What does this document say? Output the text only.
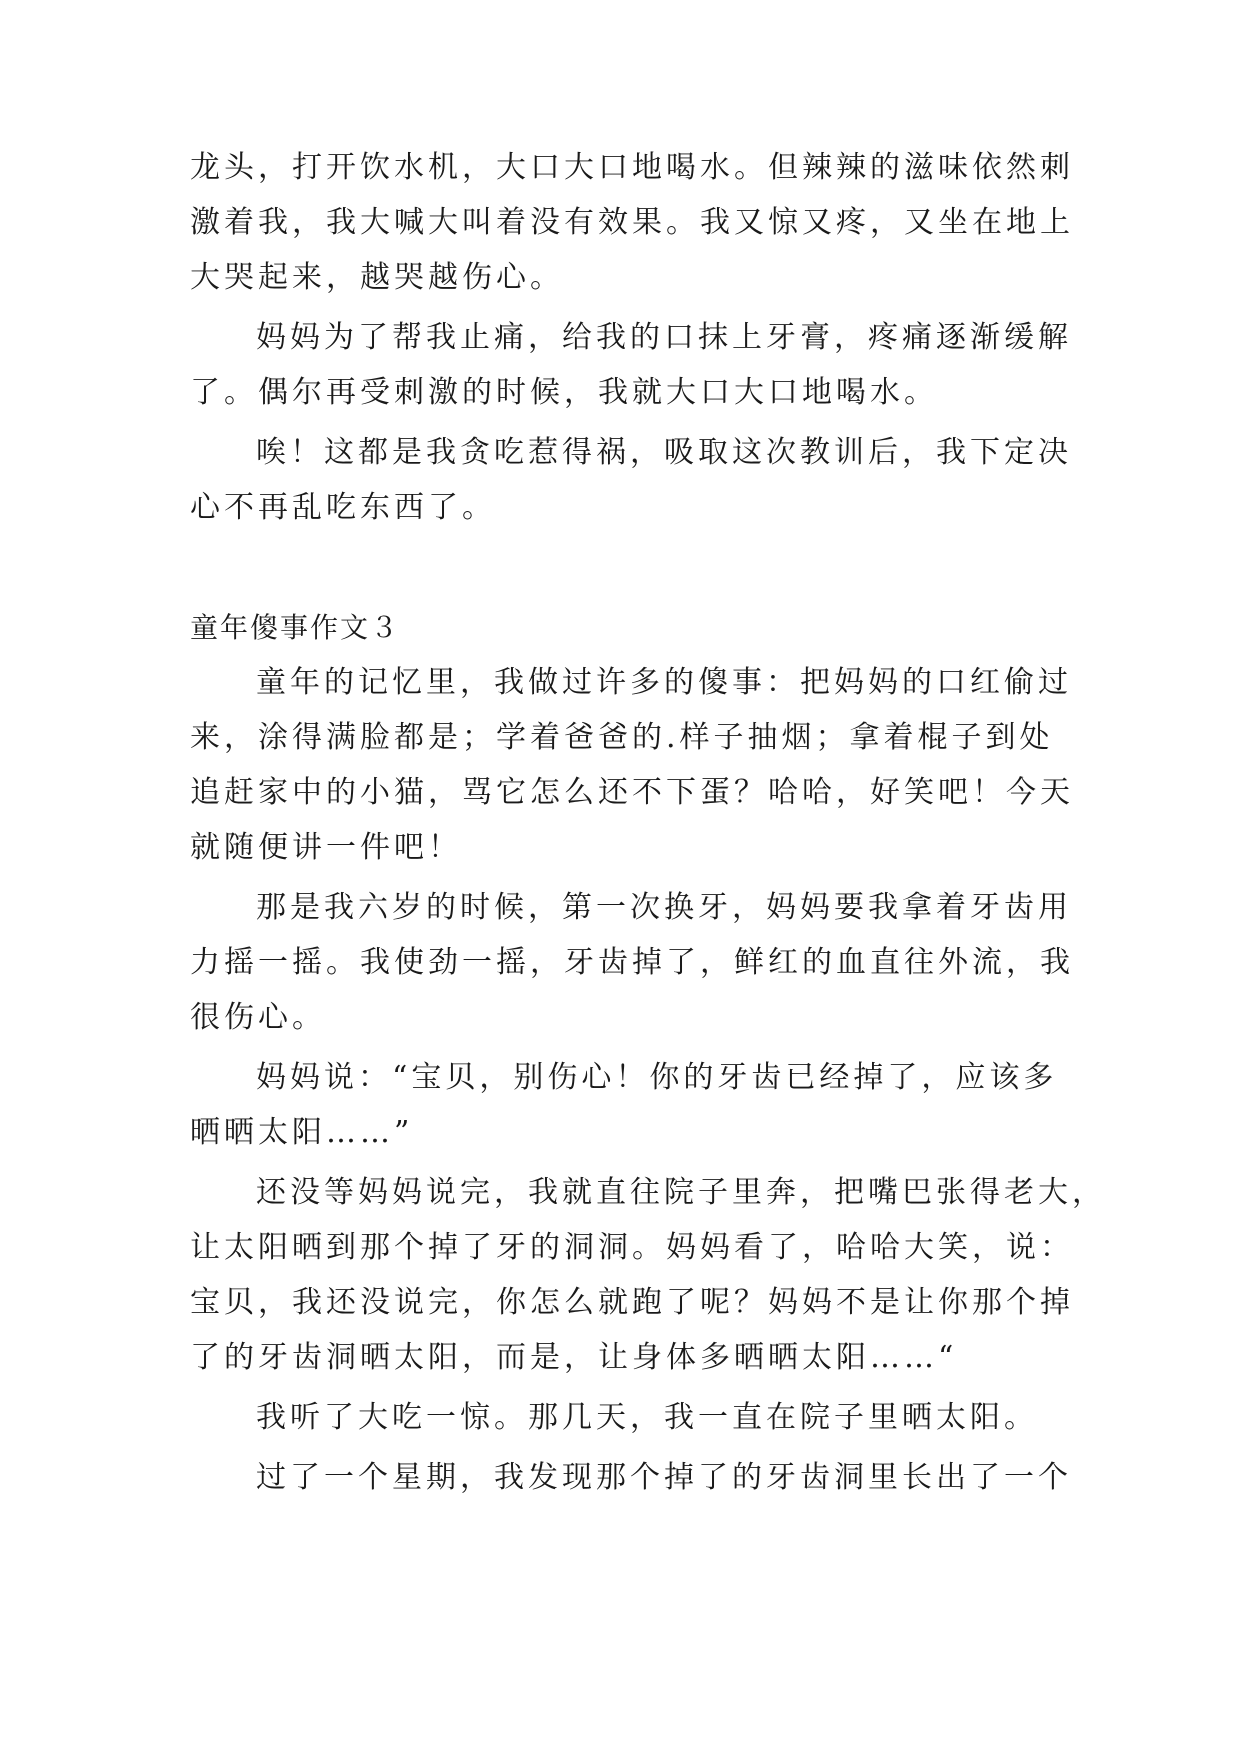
龙头，打开饮水机，大口大口地喝水。但辣辣的滋味依然刺
激着我，我大喊大叫着没有效果。我又惊又疼，又坐在地上
大哭起来，越哭越伤心。
妈妈为了帮我止痛，给我的口抹上牙膏，疼痛逐渐缓解
了。偶尔再受刺激的时候，我就大口大口地喝水。
唉！这都是我贪吃惹得祸，吸取这次教训后，我下定决
心不再乱吃东西了。
童年傻事作文３
童年的记忆里，我做过许多的傻事：把妈妈的口红偷过
来，涂得满脸都是；学着爸爸的.样子抽烟；拿着棍子到处
追赶家中的小猫，骂它怎么还不下蛋？哈哈，好笑吧！今天
就随便讲一件吧！
那是我六岁的时候，第一次换牙，妈妈要我拿着牙齿用
力摇一摇。我使劲一摇，牙齿掉了，鲜红的血直往外流，我
很伤心。
妈妈说：“宝贝，别伤心！你的牙齿已经掉了，应该多
晒晒太阳……”
还没等妈妈说完，我就直往院子里奔，把嘴巴张得老大，
让太阳晒到那个掉了牙的洞洞。妈妈看了，哈哈大笑，说：
宝贝，我还没说完，你怎么就跑了呢？妈妈不是让你那个掉
了的牙齿洞晒太阳，而是，让身体多晒晒太阳……“
我听了大吃一惊。那几天，我一直在院子里晒太阳。
过了一个星期，我发现那个掉了的牙齿洞里长出了一个
